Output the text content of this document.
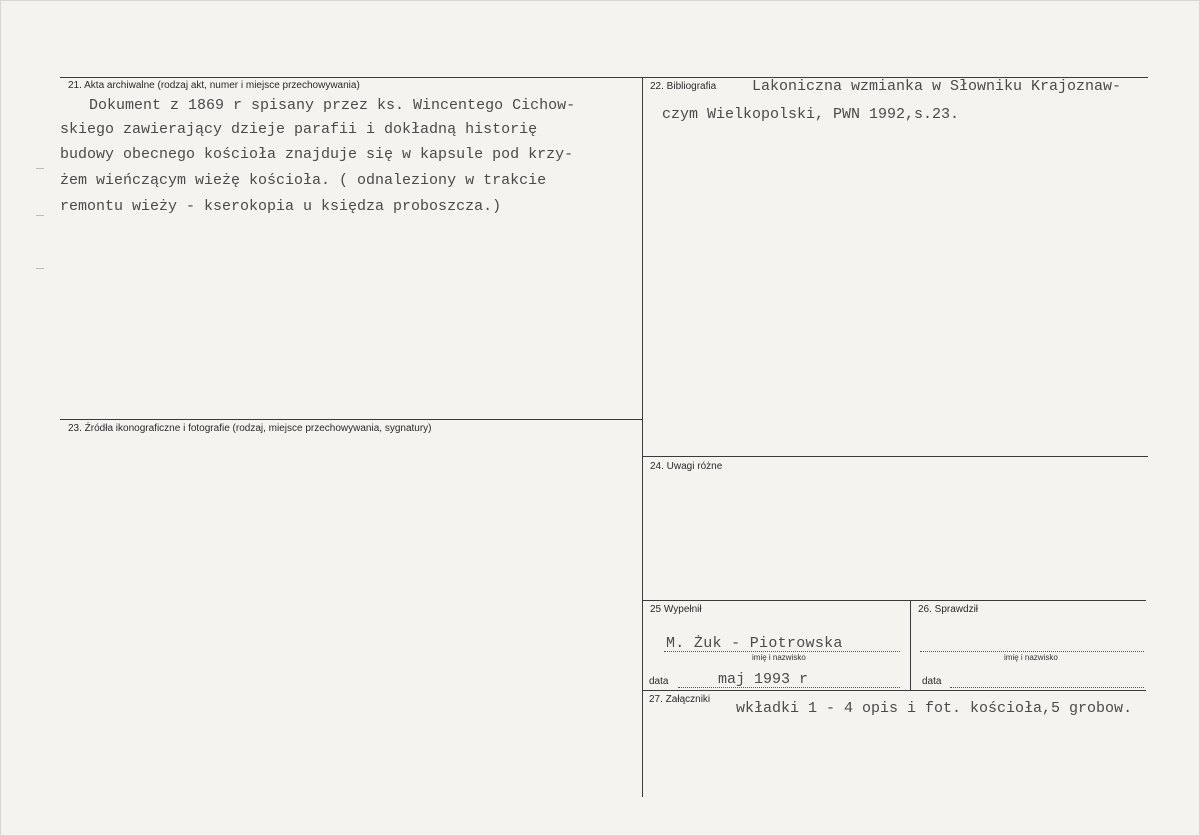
21. Akta archiwalne (rodzaj akt, numer i miejsce przechowywania)
Dokument z 1869 r spisany przez ks. Wincentego Cichow-
skiego zawierający dzieje parafii i dokładną historię
budowy obecnego kościoła znajduje się w kapsule pod krzy-
żem wieńczącym wieżę kościoła. ( odnaleziony w trakcie
remontu wieży - kserokopia u księdza proboszcza.)
22. Bibliografia Lakoniczna wzmianka w Słowniku Krajoznaw-
czym Wielkopolski, PWN 1992,s.23.
23. Źródła ikonograficzne i fotografie (rodzaj, miejsce przechowywania, sygnatury)
24. Uwagi różne
25 Wypełnił
M. Żuk - Piotrowska
imię i nazwisko
data	maj 1993 r
26. Sprawdził
imię i nazwisko
data
27. Załączniki
wkładki 1 - 4 opis i fot. kościoła,5 grobow.
